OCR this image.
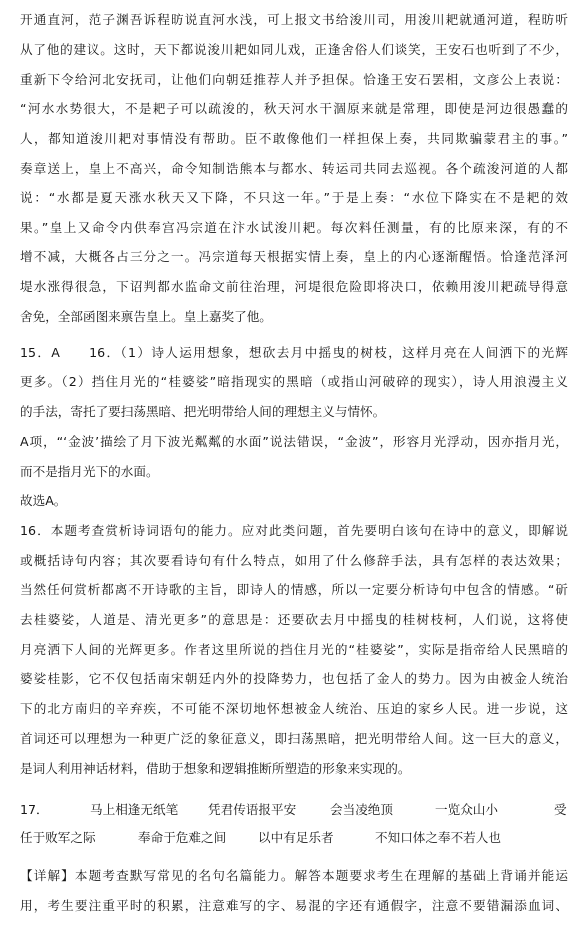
开通直河，范子渊吾诉程昉说直河水浅，可上报文书给浚川司，用浚川耙就通河道，程昉听
从了他的建议。这时，天下都说浚川耙如同儿戏，正逢舍俗人们谈笑，王安石也听到了不少，
重新下令给河北安抚司，让他们向朝廷推荐人并予担保。恰逢王安石罢相，文彦公上表说：
“河水水势很大，不是耙子可以疏浚的，秋天河水干涸原来就是常理，即使是河边很愚蠢的
人，都知道浚川耙对事情没有帮助。臣不敢像他们一样担保上奏，共同欺骗蒙君主的事。”
奏章送上，皇上不高兴，命令知制诰熊本与都水、转运司共同去巡视。各个疏浚河道的人都
说：“水都是夏天涨水秋天又下降，不只这一年。”于是上奏：“水位下降实在不是耙的效
果。”皇上又命令内供奉宫冯宗道在汴水试浚川耙。每次料任测量，有的比原来深，有的不
增不减，大概各占三分之一。冯宗道每天根据实情上奏，皇上的内心逐渐醒悟。恰逢范泽河
堤水涨得很急，下诏判都水监命文前往治理，河堤很危险即将决口，依赖用浚川耙疏导得意
舍免，全部函图来禀告皇上。皇上嘉奖了他。
15．A　　16．（1）诗人运用想象，想砍去月中摇曳的树枝，这样月亮在人间洒下的光辉
更多。（2）挡住月光的“桂婆娑”暗指现实的黑暗（或指山河破碎的现实），诗人用浪漫主义
的手法，寄托了要扫荡黑暗、把光明带给人间的理想主义与情怀。
A项，“‘金波’描绘了月下波光粼粼的水面”说法错误，“金波”，形容月光浮动，因亦指月光，
而不是指月光下的水面。
故选A。
16．本题考查赏析诗词语句的能力。应对此类问题，首先要明白该句在诗中的意义，即解说
或概括诗句内容；其次要看诗句有什么特点，如用了什么修辞手法，具有怎样的表达效果；
当然任何赏析都离不开诗歌的主旨，即诗人的情感，所以一定要分析诗句中包含的情感。“斫
去桂婆娑，人道是、清光更多”的意思是：还要砍去月中摇曳的桂树枝柯，人们说，这将使
月亮洒下人间的光辉更多。作者这里所说的挡住月光的“桂婆娑”，实际是指帝给人民黑暗的
婆娑桂影，它不仅包括南宋朝廷内外的投降势力，也包括了金人的势力。因为由被金人统治
下的北方南归的辛弃疾，不可能不深切地怀想被金人统治、压迫的家乡人民。进一步说，这
首词还可以理想为一种更广泛的象征意义，即扫荡黑暗，把光明带给人间。这一巨大的意义，
是词人利用神话材料，借助于想象和逻辑推断所塑造的形象来实现的。
17．	马上相逢无纸笔 凭君传语报平安	会当凌绝顶	一览众山小	受
任于败军之际	奉命于危难之间	以中有足乐者	不知口体之奉不若人也
【详解】本题考查默写常见的名句名篇能力。解答本题要求考生在理解的基础上背诵并能运
用，考生要注重平时的积累，注意难写的字、易混的字还有通假字，注意不要错漏添血词、
